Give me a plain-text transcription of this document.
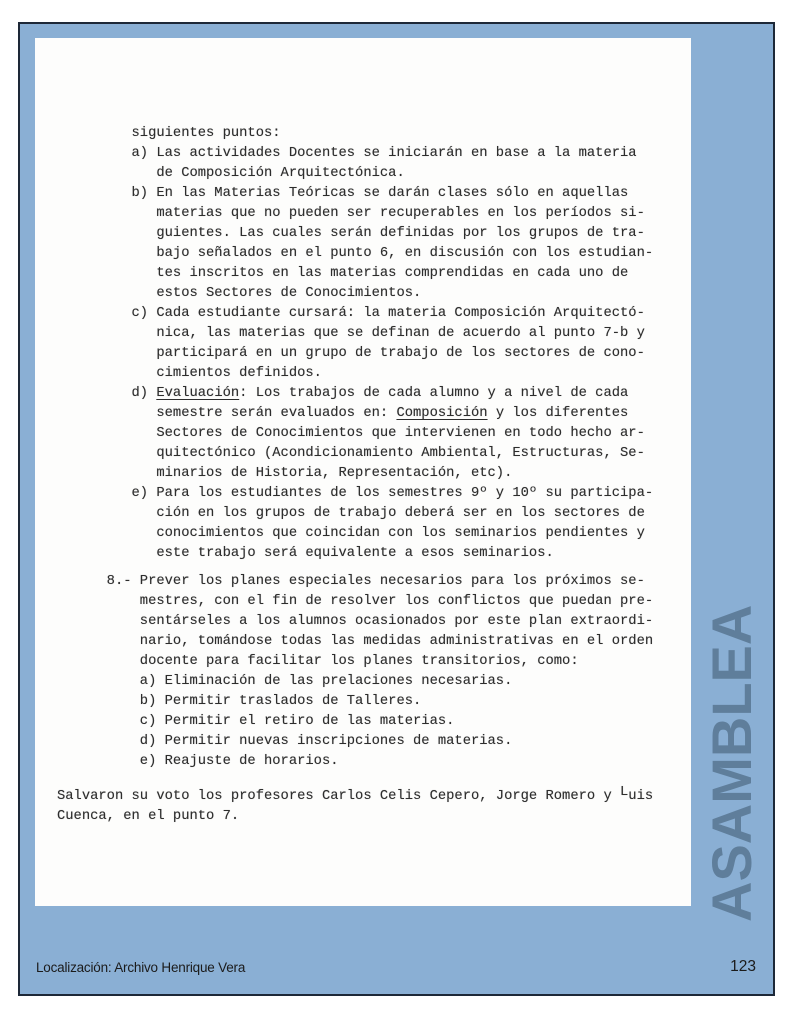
siguientes puntos:
a) Las actividades Docentes se iniciarán en base a la materia
de Composición Arquitectónica.
b) En las Materias Teóricas se darán clases sólo en aquellas
materias que no pueden ser recuperables en los períodos si-
guientes. Las cuales serán definidas por los grupos de tra-
bajo señalados en el punto 6, en discusión con los estudian-
tes inscritos en las materias comprendidas en cada uno de
estos Sectores de Conocimientos.
c) Cada estudiante cursará: la materia Composición Arquitectó-
nica, las materias que se definan de acuerdo al punto 7-b y
participará en un grupo de trabajo de los sectores de cono-
cimientos definidos.
d) Evaluación: Los trabajos de cada alumno y a nivel de cada
semestre serán evaluados en: Composición y los diferentes
Sectores de Conocimientos que intervienen en todo hecho ar-
quitectónico (Acondicionamiento Ambiental, Estructuras, Se-
minarios de Historia, Representación, etc).
e) Para los estudiantes de los semestres 9º y 10º su participa-
ción en los grupos de trabajo deberá ser en los sectores de
conocimientos que coincidan con los seminarios pendientes y
este trabajo será equivalente a esos seminarios.
8.- Prever los planes especiales necesarios para los próximos se-
mestres, con el fin de resolver los conflictos que puedan pre-
sentárseles a los alumnos ocasionados por este plan extraordi-
nario, tomándose todas las medidas administrativas en el orden
docente para facilitar los planes transitorios, como:
a) Eliminación de las prelaciones necesarias.
b) Permitir traslados de Talleres.
c) Permitir el retiro de las materias.
d) Permitir nuevas inscripciones de materias.
e) Reajuste de horarios.
Salvaron su voto los profesores Carlos Celis Cepero, Jorge Romero y Luis
Cuenca, en el punto 7.	ASAMBLEA
Localización: Archivo Henrique Vera	123
